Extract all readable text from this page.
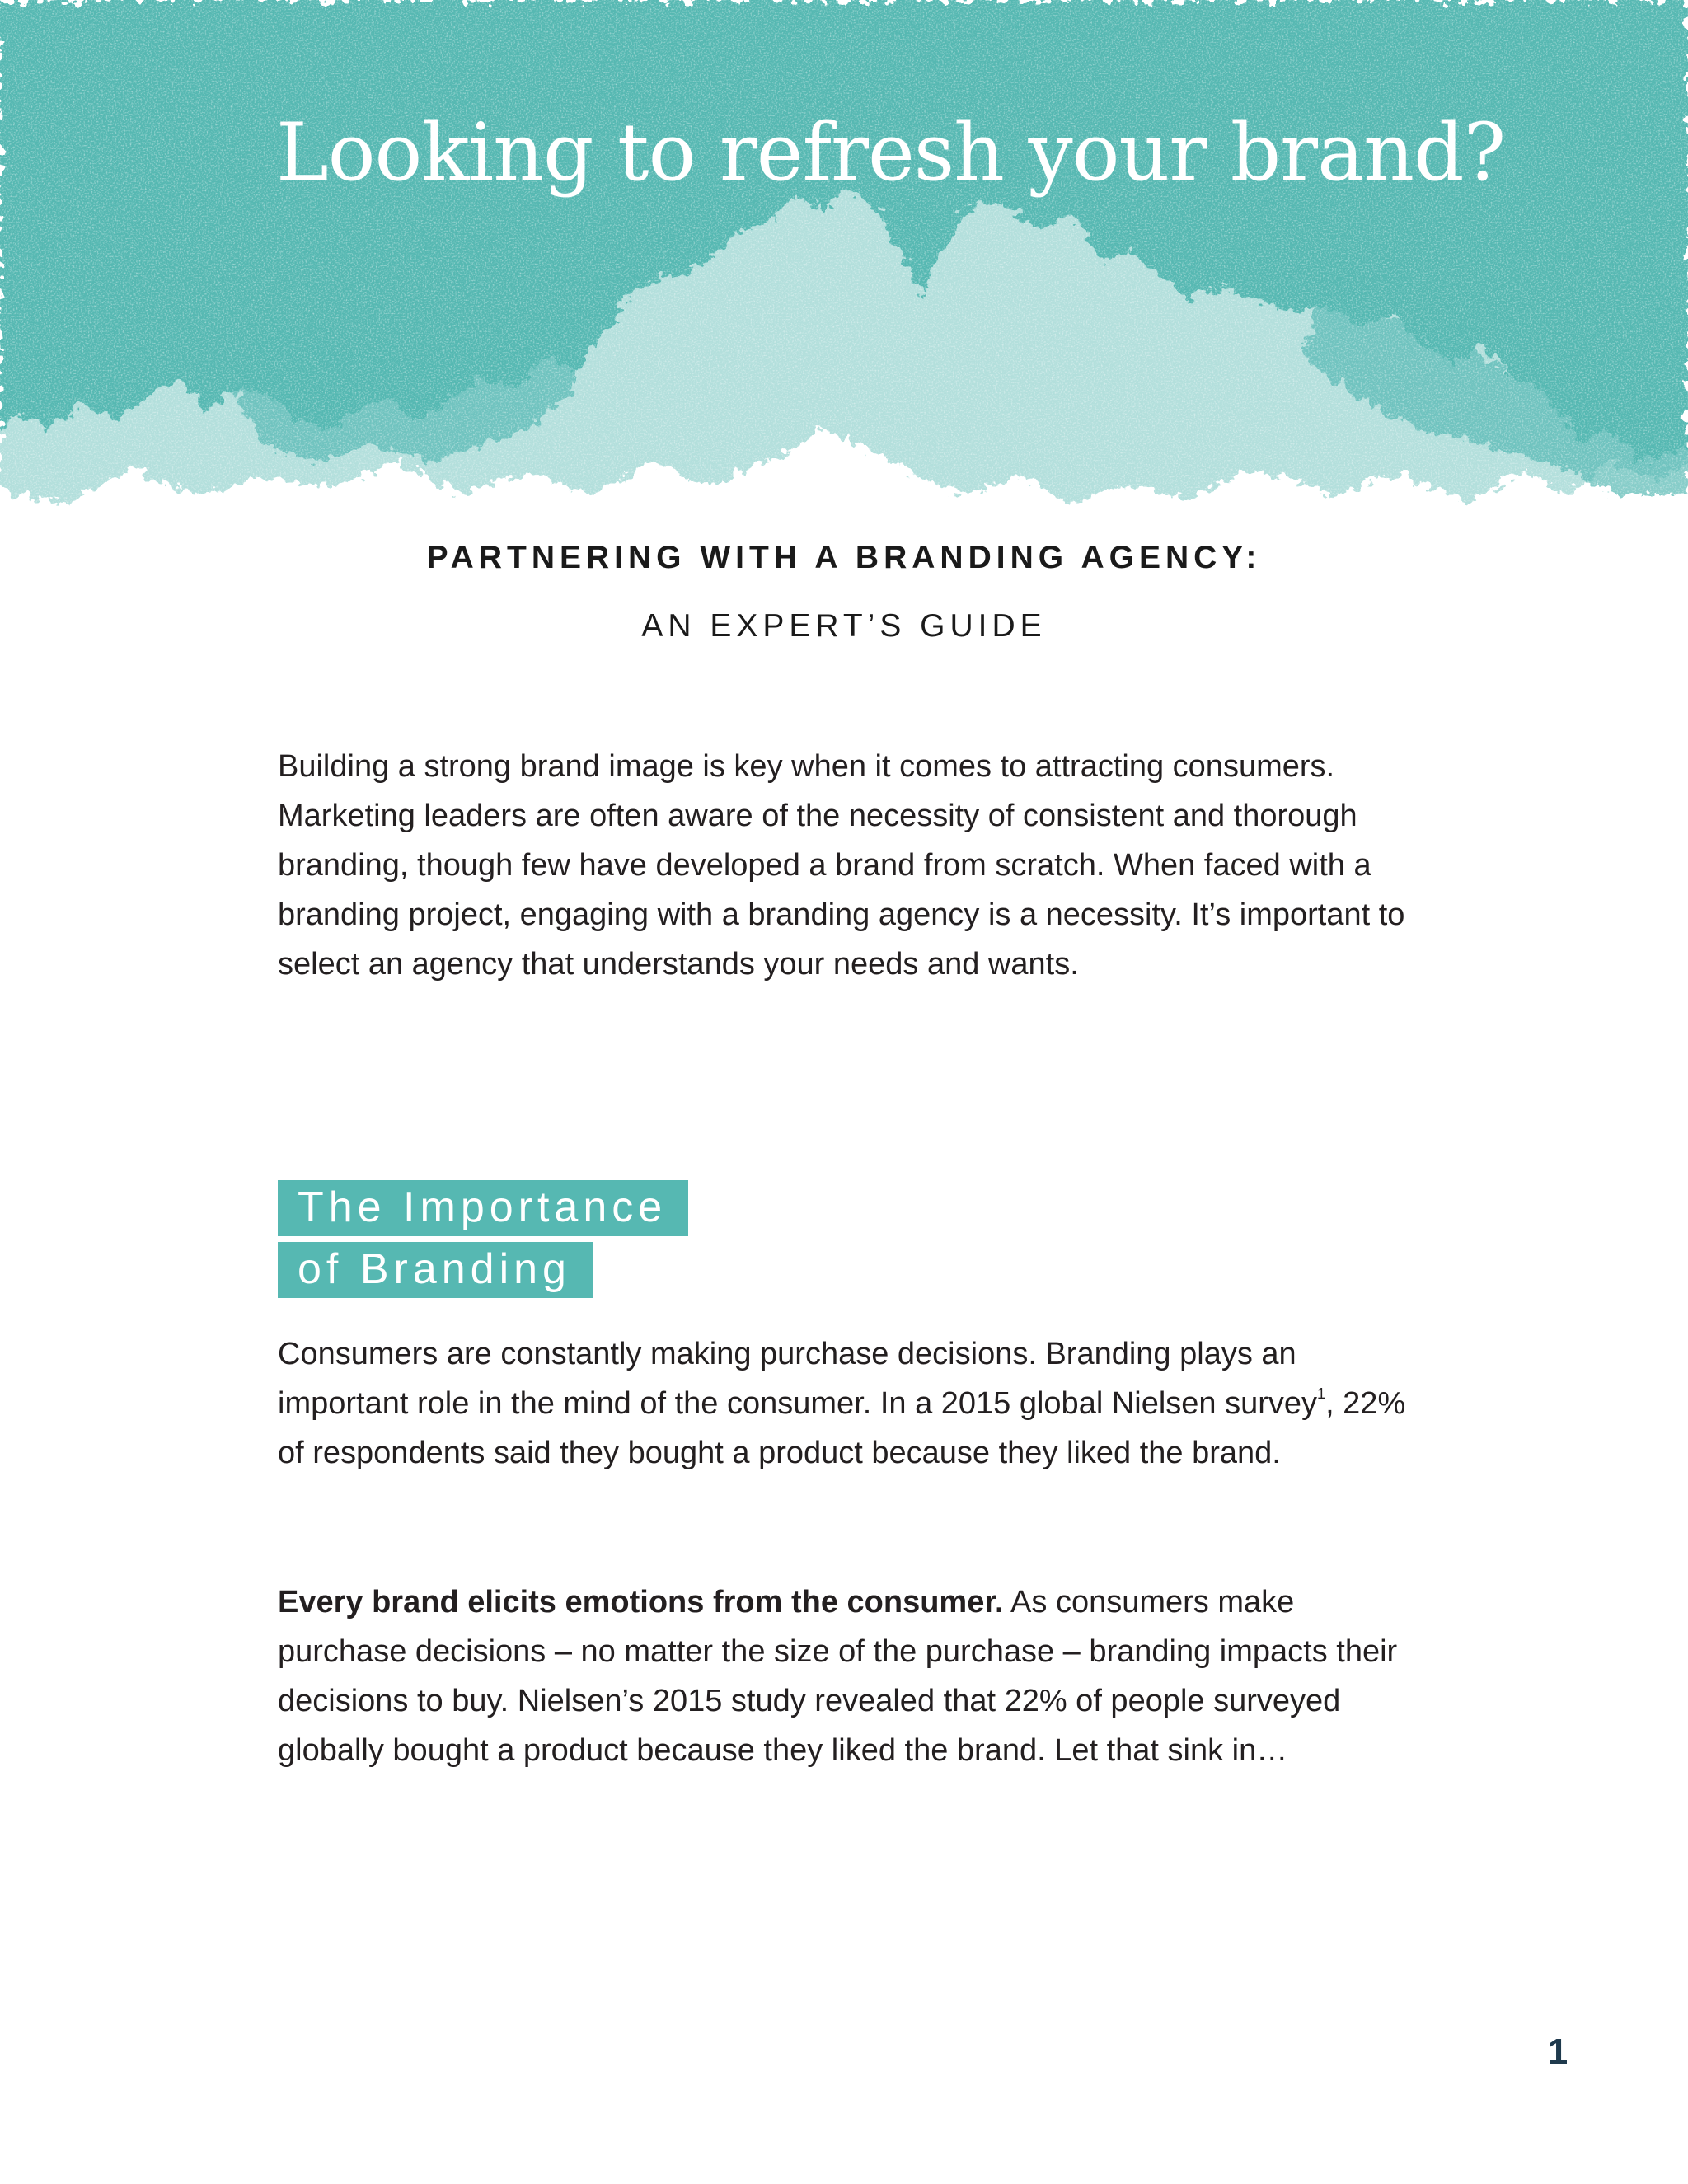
Looking to refresh your brand?
PARTNERING WITH A BRANDING AGENCY:
AN EXPERT’S GUIDE

Building a strong brand image is key when it comes to attracting consumers. Marketing leaders are often aware of the necessity of consistent and thorough branding, though few have developed a brand from scratch. When faced with a branding project, engaging with a branding agency is a necessity. It’s important to select an agency that understands your needs and wants.

The Importance
of Branding

Consumers are constantly making purchase decisions. Branding plays an important role in the mind of the consumer. In a 2015 global Nielsen survey$^1$, 22% of respondents said they bought a product because they liked the brand.

Every brand elicits emotions from the consumer. As consumers make purchase decisions – no matter the size of the purchase – branding impacts their decisions to buy. Nielsen’s 2015 study revealed that 22% of people surveyed globally bought a product because they liked the brand. Let that sink in…

1
